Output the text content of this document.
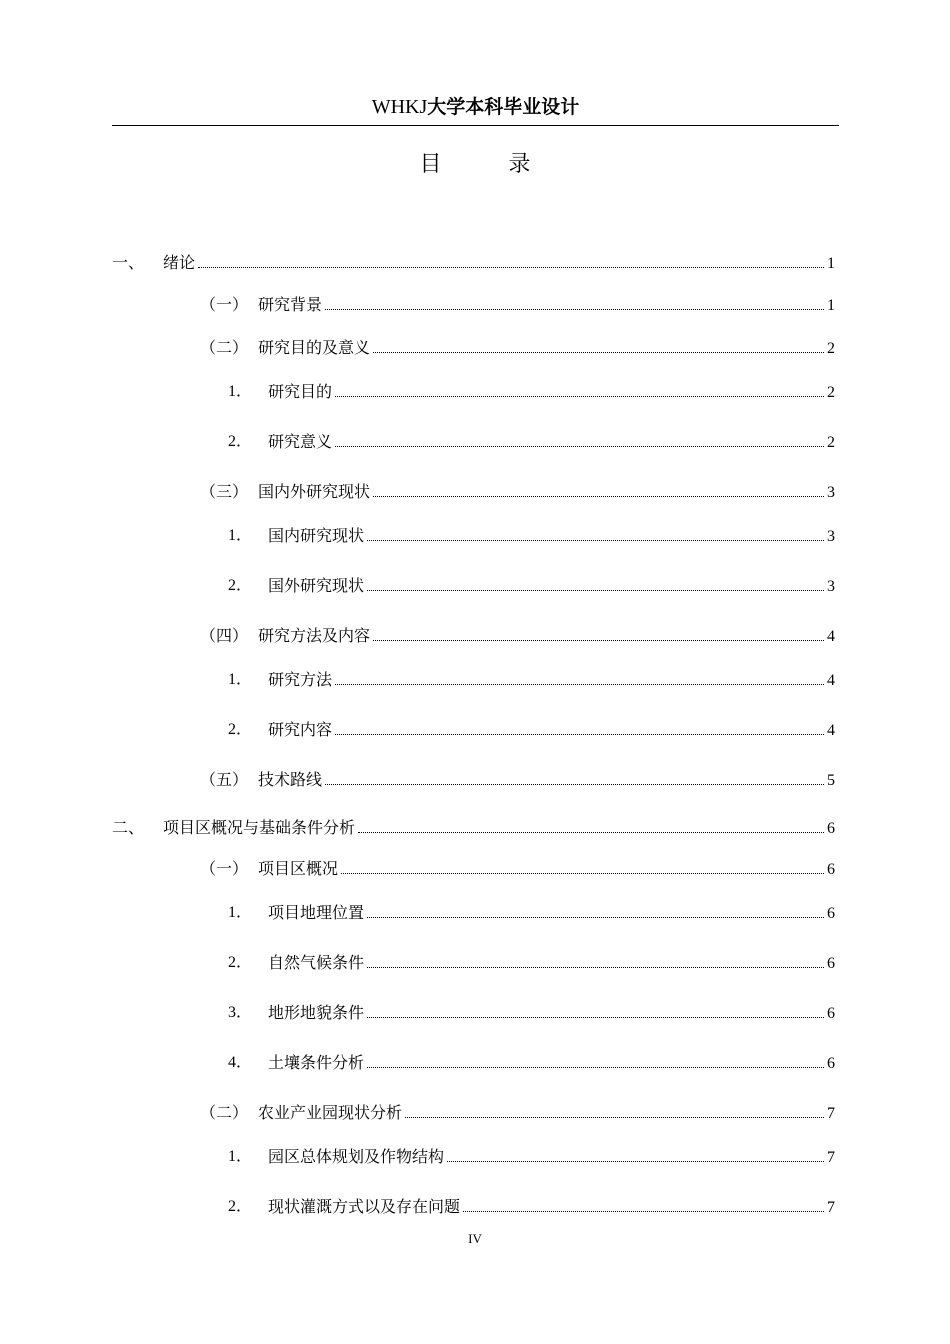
WHKJ大学本科毕业设计
目 录
一、 绪论	1
（一） 研究背景	1
（二） 研究目的及意义	2
1． 研究目的	2
2． 研究意义	2
（三） 国内外研究现状	3
1． 国内研究现状	3
2． 国外研究现状	3
（四） 研究方法及内容	4
1． 研究方法	4
2． 研究内容	4
（五） 技术路线	5
二、 项目区概况与基础条件分析	6
（一） 项目区概况	6
1． 项目地理位置	6
2． 自然气候条件	6
3． 地形地貌条件	6
4． 土壤条件分析	6
（二） 农业产业园现状分析	7
1． 园区总体规划及作物结构	7
2． 现状灌溉方式以及存在问题	7
IV
